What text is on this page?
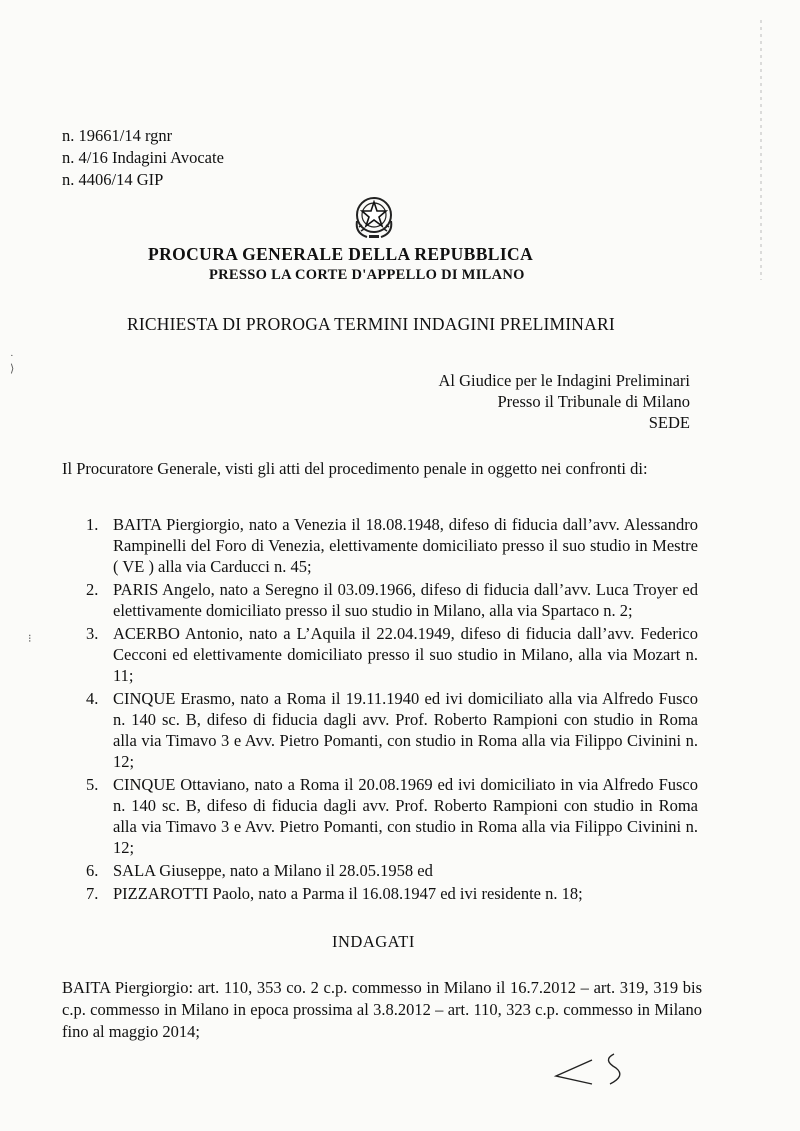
n. 19661/14 rgnr
n. 4/16 Indagini Avocate
n. 4406/14 GIP
PROCURA GENERALE DELLA REPUBBLICA
PRESSO LA CORTE D'APPELLO DI MILANO
RICHIESTA DI PROROGA TERMINI INDAGINI PRELIMINARI
Al Giudice per le Indagini Preliminari
Presso il Tribunale di Milano
SEDE
Il Procuratore Generale, visti gli atti del procedimento penale in oggetto nei confronti di:
1. BAITA Piergiorgio, nato a Venezia il 18.08.1948, difeso di fiducia dall’avv. Alessandro Rampinelli del Foro di Venezia, elettivamente domiciliato presso il suo studio in Mestre ( VE ) alla via Carducci n. 45;
2. PARIS Angelo, nato a Seregno il 03.09.1966, difeso di fiducia dall’avv. Luca Troyer ed elettivamente domiciliato presso il suo studio in Milano, alla via Spartaco n. 2;
3. ACERBO Antonio, nato a L’Aquila il 22.04.1949, difeso di fiducia dall’avv. Federico Cecconi ed elettivamente domiciliato presso il suo studio in Milano, alla via Mozart n. 11;
4. CINQUE Erasmo, nato a Roma il 19.11.1940 ed ivi domiciliato alla via Alfredo Fusco n. 140 sc. B, difeso di fiducia dagli avv. Prof. Roberto Rampioni con studio in Roma alla via Timavo 3 e Avv. Pietro Pomanti, con studio in Roma alla via Filippo Civinini n. 12;
5. CINQUE Ottaviano, nato a Roma il 20.08.1969 ed ivi domiciliato in via Alfredo Fusco n. 140 sc. B, difeso di fiducia dagli avv. Prof. Roberto Rampioni con studio in Roma alla via Timavo 3 e Avv. Pietro Pomanti, con studio in Roma alla via Filippo Civinini n. 12;
6. SALA Giuseppe, nato a Milano il 28.05.1958 ed
7. PIZZAROTTI Paolo, nato a Parma il 16.08.1947 ed ivi residente n. 18;
INDAGATI
BAITA Piergiorgio: art. 110, 353 co. 2 c.p. commesso in Milano il 16.7.2012 – art. 319, 319 bis c.p. commesso in Milano in epoca prossima al 3.8.2012 – art. 110, 323 c.p. commesso in Milano fino al maggio 2014;
·
⟩
⁝
